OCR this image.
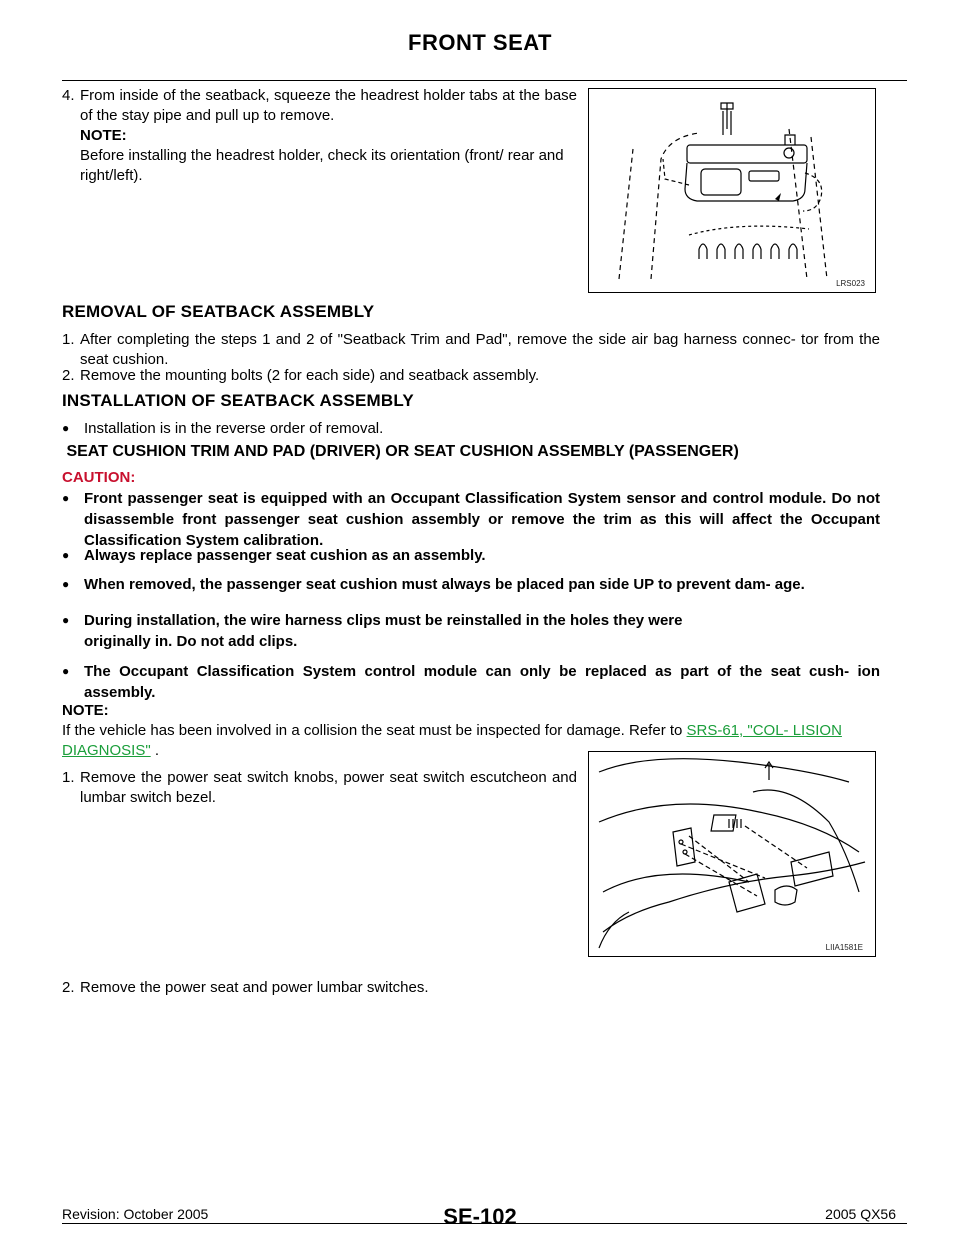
FRONT SEAT
4. From inside of the seatback, squeeze the headrest holder tabs at the base of the stay pipe and pull up to remove.
NOTE:
Before installing the headrest holder, check its orientation (front/ rear and right/left).
LRS023
REMOVAL OF SEATBACK ASSEMBLY
1. After completing the steps 1 and 2 of "Seatback Trim and Pad", remove the side air bag harness connec- tor from the seat cushion.
2. Remove the mounting bolts (2 for each side) and seatback assembly.
INSTALLATION OF SEATBACK ASSEMBLY
● Installation is in the reverse order of removal.
SEAT CUSHION TRIM AND PAD (DRIVER) OR SEAT CUSHION ASSEMBLY (PASSENGER)
CAUTION:
● Front passenger seat is equipped with an Occupant Classification System sensor and control module. Do not disassemble front passenger seat cushion assembly or remove the trim as this will affect the Occupant Classification System calibration.
● Always replace passenger seat cushion as an assembly.
● When removed, the passenger seat cushion must always be placed pan side UP to prevent dam- age.
● During installation, the wire harness clips must be reinstalled in the holes they were originally in. Do not add clips.
● The Occupant Classification System control module can only be replaced as part of the seat cush- ion assembly.
NOTE:
If the vehicle has been involved in a collision the seat must be inspected for damage. Refer to SRS-61, "COL- LISION DIAGNOSIS" .
1. Remove the power seat switch knobs, power seat switch escutcheon and lumbar switch bezel.
LIIA1581E
2. Remove the power seat and power lumbar switches.
Revision: October 2005	SE-102	2005 QX56
